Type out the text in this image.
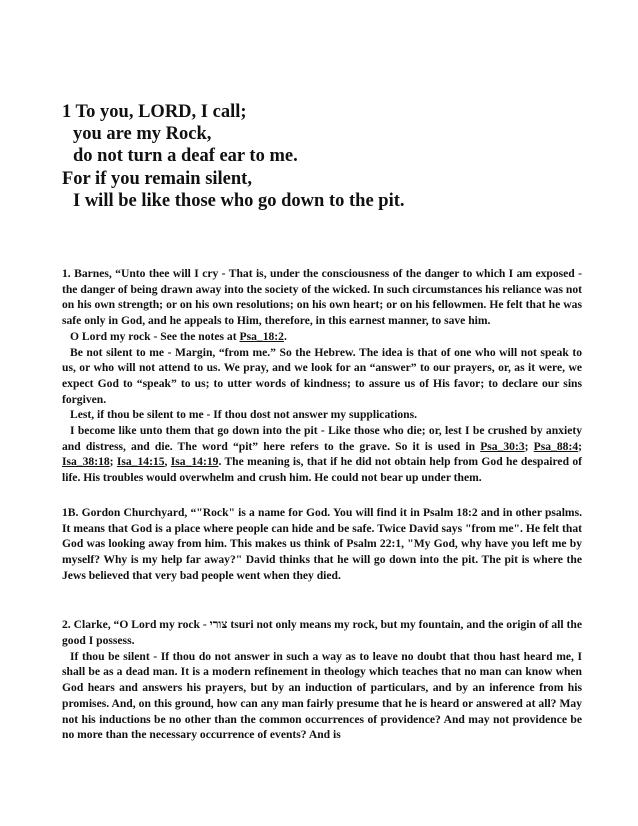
1 To you, LORD, I call;
you are my Rock,
do not turn a deaf ear to me.
For if you remain silent,
I will be like those who go down to the pit.

1. Barnes, “Unto thee will I cry - That is, under the consciousness of the danger to which I am exposed - the danger of being drawn away into the society of the wicked. In such circumstances his reliance was not on his own strength; or on his own resolutions; on his own heart; or on his fellowmen. He felt that he was safe only in God, and he appeals to Him, therefore, in this earnest manner, to save him.

O Lord my rock - See the notes at Psa_18:2.

Be not silent to me - Margin, “from me.” So the Hebrew. The idea is that of one who will not speak to us, or who will not attend to us. We pray, and we look for an “answer” to our prayers, or, as it were, we expect God to “speak” to us; to utter words of kindness; to assure us of His favor; to declare our sins forgiven.

Lest, if thou be silent to me - If thou dost not answer my supplications.

I become like unto them that go down into the pit - Like those who die; or, lest I be crushed by anxiety and distress, and die. The word “pit” here refers to the grave. So it is used in Psa_30:3; Psa_88:4; Isa_38:18; Isa_14:15, Isa_14:19. The meaning is, that if he did not obtain help from God he despaired of life. His troubles would overwhelm and crush him. He could not bear up under them.

1B. Gordon Churchyard, “"Rock" is a name for God. You will find it in Psalm 18:2 and in other psalms. It means that God is a place where people can hide and be safe. Twice David says "from me". He felt that God was looking away from him. This makes us think of Psalm 22:1, "My God, why have you left me by myself? Why is my help far away?" David thinks that he will go down into the pit. The pit is where the Jews believed that very bad people went when they died.

2. Clarke, “O Lord my rock - צורי tsuri not only means my rock, but my fountain, and the origin of all the good I possess.

If thou be silent - If thou do not answer in such a way as to leave no doubt that thou hast heard me, I shall be as a dead man. It is a modern refinement in theology which teaches that no man can know when God hears and answers his prayers, but by an induction of particulars, and by an inference from his promises. And, on this ground, how can any man fairly presume that he is heard or answered at all? May not his inductions be no other than the common occurrences of providence? And may not providence be no more than the necessary occurrence of events? And is
